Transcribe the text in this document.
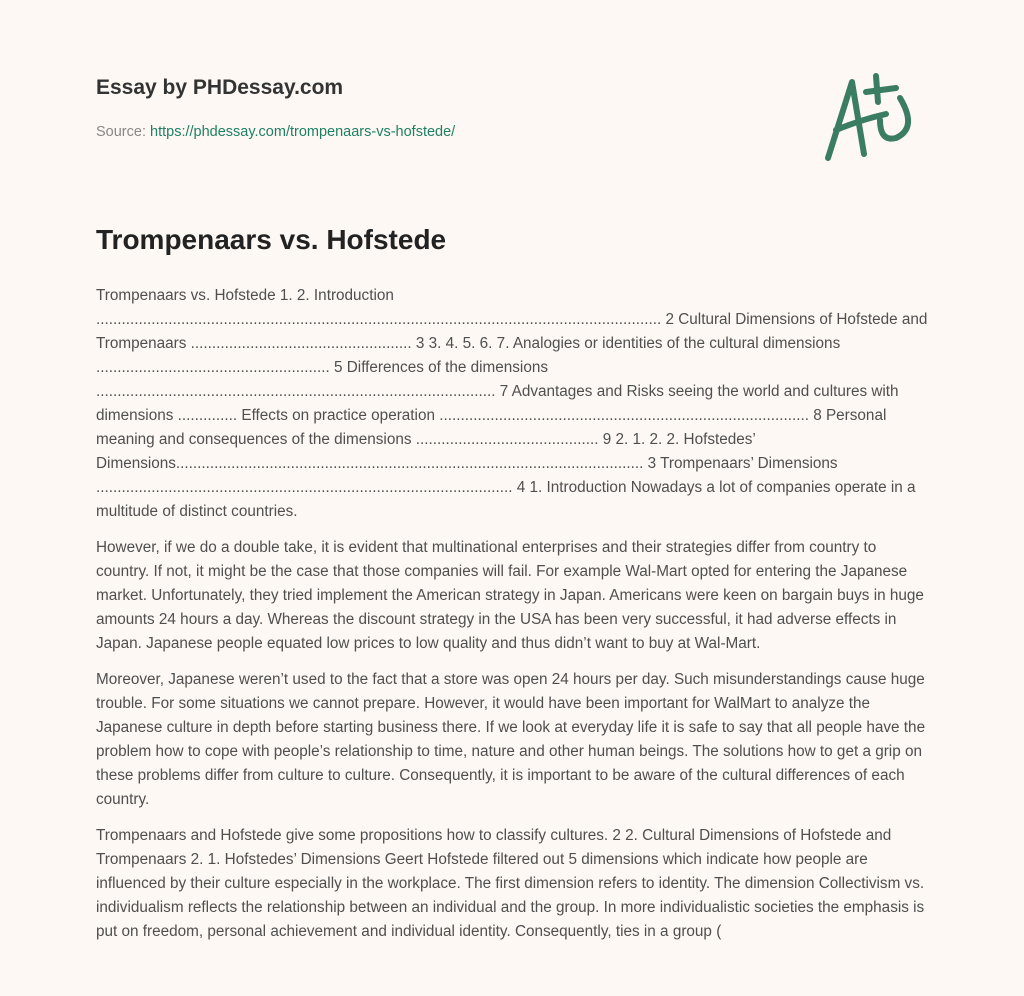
Essay by PHDessay.com
Source: https://phdessay.com/trompenaars-vs-hofstede/
Trompenaars vs. Hofstede

Trompenaars vs. Hofstede 1. 2. Introduction ..................................................................................................................................... 2 Cultural Dimensions of Hofstede and Trompenaars .................................................... 3 3. 4. 5. 6. 7. Analogies or identities of the cultural dimensions ....................................................... 5 Differences of the dimensions .............................................................................................. 7 Advantages and Risks seeing the world and cultures with dimensions .............. Effects on practice operation ....................................................................................... 8 Personal meaning and consequences of the dimensions ........................................... 9 2. 1. 2. 2. Hofstedes’ Dimensions.............................................................................................................. 3 Trompenaars’ Dimensions .................................................................................................. 4 1. Introduction Nowadays a lot of companies operate in a multitude of distinct countries.

However, if we do a double take, it is evident that multinational enterprises and their strategies differ from country to country. If not, it might be the case that those companies will fail. For example Wal-Mart opted for entering the Japanese market. Unfortunately, they tried implement the American strategy in Japan. Americans were keen on bargain buys in huge amounts 24 hours a day. Whereas the discount strategy in the USA has been very successful, it had adverse effects in Japan. Japanese people equated low prices to low quality and thus didn’t want to buy at Wal-Mart.

Moreover, Japanese weren’t used to the fact that a store was open 24 hours per day. Such misunderstandings cause huge trouble. For some situations we cannot prepare. However, it would have been important for WalMart to analyze the Japanese culture in depth before starting business there. If we look at everyday life it is safe to say that all people have the problem how to cope with people’s relationship to time, nature and other human beings. The solutions how to get a grip on these problems differ from culture to culture. Consequently, it is important to be aware of the cultural differences of each country.

Trompenaars and Hofstede give some propositions how to classify cultures. 2 2. Cultural Dimensions of Hofstede and Trompenaars 2. 1. Hofstedes’ Dimensions Geert Hofstede filtered out 5 dimensions which indicate how people are influenced by their culture especially in the workplace. The first dimension refers to identity. The dimension Collectivism vs. individualism reflects the relationship between an individual and the group. In more individualistic societies the emphasis is put on freedom, personal achievement and individual identity. Consequently, ties in a group (
